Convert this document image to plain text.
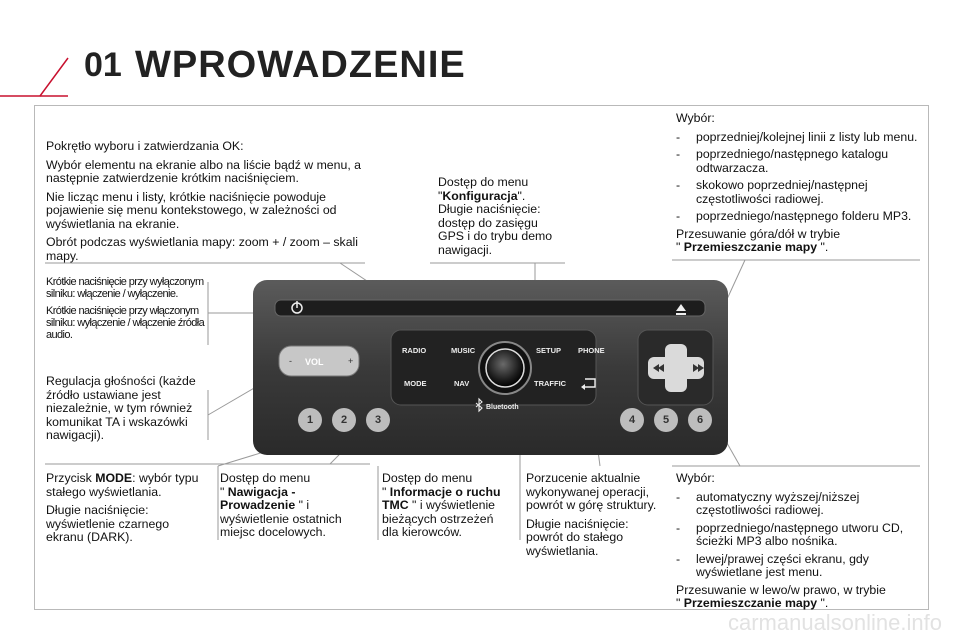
01 WPROWADZENIE
RADIO	MUSIC	SETUP PHONE
MODE	NAV	TRAFFIC
VOL
-	+
Bluetooth
1	2	3	4	5	6

Pokrętło wyboru i zatwierdzania OK:

Wybór elementu na ekranie albo na liście bądź w menu, a następnie zatwierdzenie krótkim naciśnięciem.

Nie licząc menu i listy, krótkie naciśnięcie powoduje pojawienie się menu kontekstowego, w zależności od wyświetlania na ekranie.

Obrót podczas wyświetlania mapy: zoom + / zoom – skali mapy.

Krótkie naciśnięcie przy wyłączonym silniku: włączenie / wyłączenie.

Krótkie naciśnięcie przy włączonym silniku: wyłączenie / włączenie źródła audio.

Regulacja głośności (każde źródło ustawiane jest niezależnie, w tym również komunikat TA i wskazówki nawigacji).

Dostęp do menu
"Konfiguracja".

Długie naciśnięcie: dostęp do zasięgu GPS i do trybu demo nawigacji.

Wybór:

- poprzedniej/kolejnej linii z listy lub menu.
- poprzedniego/następnego katalogu odtwarzacza.
- skokowo poprzedniej/następnej częstotliwości radiowej.
- poprzedniego/następnego folderu MP3.

Przesuwanie góra/dół w trybie
" Przemieszczanie mapy ".

Przycisk MODE: wybór typu stałego wyświetlania.

Długie naciśnięcie: wyświetlenie czarnego ekranu (DARK).

Dostęp do menu
" Nawigacja - Prowadzenie " i wyświetlenie ostatnich miejsc docelowych.

Dostęp do menu
" Informacje o ruchu TMC " i wyświetlenie bieżących ostrzeżeń dla kierowców.

Porzucenie aktualnie wykonywanej operacji, powrót w górę struktury.

Długie naciśnięcie: powrót do stałego wyświetlania.

Wybór:

- automatyczny wyższej/niższej częstotliwości radiowej.
- poprzedniego/następnego utworu CD, ścieżki MP3 albo nośnika.
- lewej/prawej części ekranu, gdy wyświetlane jest menu.

Przesuwanie w lewo/w prawo, w trybie
" Przemieszczanie mapy ".

carmanualsonline.info
